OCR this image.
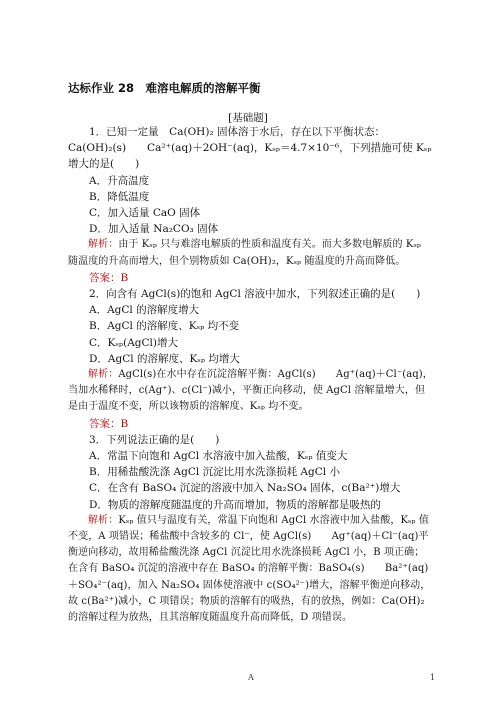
达标作业 28　难溶电解质的溶解平衡
[基础题]

1．已知一定量　Ca(OH)₂ 固体溶于水后，存在以下平衡状态：Ca(OH)₂(s)　　Ca²⁺(aq)＋2OH⁻(aq)，Kₛₚ＝4.7×10⁻⁶，下列措施可使 Kₛₚ 增大的是(　　)

A．升高温度

B．降低温度

C．加入适量 CaO 固体

D．加入适量 Na₂CO₃ 固体

解析：由于 Kₛₚ 只与难溶电解质的性质和温度有关。而大多数电解质的 Kₛₚ 随温度的升高而增大，但个别物质如 Ca(OH)₂，Kₛₚ 随温度的升高而降低。

答案：B

2．向含有 AgCl(s)的饱和 AgCl 溶液中加水，下列叙述正确的是(　　)

A．AgCl 的溶解度增大

B．AgCl 的溶解度、Kₛₚ 均不变

C．Kₛₚ(AgCl)增大

D．AgCl 的溶解度、Kₛₚ 均增大

解析：AgCl(s)在水中存在沉淀溶解平衡：AgCl(s)　　Ag⁺(aq)＋Cl⁻(aq)，当加水稀释时，c(Ag⁺)、c(Cl⁻)减小，平衡正向移动，使 AgCl 溶解量增大，但是由于温度不变，所以该物质的溶解度、Kₛₚ 均不变。

答案：B

3．下列说法正确的是(　　)

A．常温下向饱和 AgCl 水溶液中加入盐酸，Kₛₚ 值变大

B．用稀盐酸洗涤 AgCl 沉淀比用水洗涤损耗 AgCl 小

C．在含有 BaSO₄ 沉淀的溶液中加入 Na₂SO₄ 固体，c(Ba²⁺)增大

D．物质的溶解度随温度的升高而增加，物质的溶解都是吸热的

解析：Kₛₚ 值只与温度有关，常温下向饱和 AgCl 水溶液中加入盐酸，Kₛₚ 值不变，A 项错误；稀盐酸中含较多的 Cl⁻，使 AgCl(s)　　Ag⁺(aq)＋Cl⁻(aq)平衡逆向移动，故用稀盐酸洗涤 AgCl 沉淀比用水洗涤损耗 AgCl 小，B 项正确；在含有 BaSO₄ 沉淀的溶液中存在 BaSO₄ 的溶解平衡：BaSO₄(s)　　Ba²⁺(aq)＋SO₄²⁻(aq)，加入 Na₂SO₄ 固体使溶液中 c(SO₄²⁻)增大，溶解平衡逆向移动，故 c(Ba²⁺)减小，C 项错误；物质的溶解有的吸热，有的放热，例如：Ca(OH)₂ 的溶解过程为放热，且其溶解度随温度升高而降低，D 项错误。

A	1
